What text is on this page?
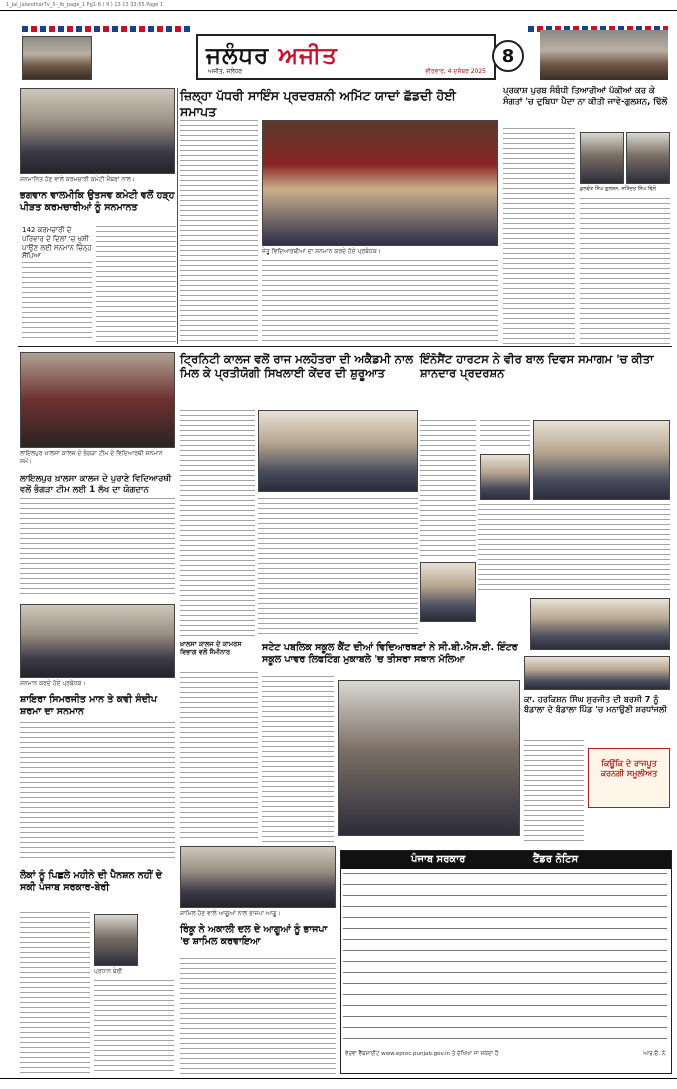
1_Jal_JalandharTv_5-_lb_page_1 Pg1-8 ( 9 ) 13 13 33:55 Page 1
ਜਲੰਧਰ ਅਜੀਤ
ਅਜੀਤ, ਜਲੰਧਰ	ਵੀਰਵਾਰ, 4 ਦਸੰਬਰ 2025
8
ਸਨਮਾਨਿਤ ਹੋਣ ਵਾਲੇ ਕਰਮਚਾਰੀ ਕਮੇਟੀ ਮੈਂਬਰਾਂ ਨਾਲ।
ਭਗਵਾਨ ਵਾਲਮੀਕਿ ਉਤਸਵ ਕਮੇਟੀ ਵਲੋਂ ਹੜ੍ਹ ਪੀੜਤ ਕਰਮਚਾਰੀਆਂ ਨੂੰ ਸਨਮਾਨਤ
142 ਕਰਮਚਾਰੀ ਦੇ ਪਰਿਵਾਰ ਦੇ ਦਿਲਾਂ 'ਚ ਖੁਸ਼ੀ ਪਾਉਣ ਲਈ ਸਨਮਾਨ ਚਿੰਨ੍ਹ ਸੌਂਪਿਆ
ਜ਼ਿਲ੍ਹਾ ਪੱਧਰੀ ਸਾਇੰਸ ਪ੍ਰਦਰਸ਼ਨੀ ਅਮਿੱਟ ਯਾਦਾਂ ਛੱਡਦੀ ਹੋਈ ਸਮਾਪਤ
ਜੇਤੂ ਵਿਦਿਆਰਥੀਆਂ ਦਾ ਸਨਮਾਨ ਕਰਦੇ ਹੋਏ ਪ੍ਰਬੰਧਕ।
ਪ੍ਰਕਾਸ਼ ਪੁਰਬ ਸੰਬੰਧੀ ਤਿਆਰੀਆਂ ਪੱਕੀਆਂ ਕਰ ਕੇ ਸੰਗਤਾਂ 'ਚ ਦੁਬਿਧਾ ਪੈਦਾ ਨਾ ਕੀਤੀ ਜਾਵੇ-ਗੁਲਸ਼ਨ, ਢਿੱਲੋਂ
ਕੁਲਵੰਤ ਸਿੰਘ ਗੁਲਸ਼ਨ, ਜਤਿੰਦਰ ਸਿੰਘ ਢਿੱਲੋਂ
ਲਾਇਲਪੁਰ ਖ਼ਾਲਸਾ ਕਾਲਜ ਦੇ ਭੰਗੜਾ ਟੀਮ ਦੇ ਵਿਦਿਆਰਥੀ ਸਨਮਾਨ ਸਮੇਂ।
ਲਾਇਲਪੁਰ ਖ਼ਾਲਸਾ ਕਾਲਜ ਦੇ ਪੁਰਾਣੇ ਵਿਦਿਆਰਥੀ ਵਲੋਂ ਭੰਗੜਾ ਟੀਮ ਲਈ 1 ਲੱਖ ਦਾ ਯੋਗਦਾਨ
ਟ੍ਰਿਨਿਟੀ ਕਾਲਜ ਵਲੋਂ ਰਾਜ ਮਲਹੋਤਰਾ ਦੀ ਅਕੈਡਮੀ ਨਾਲ ਮਿਲ ਕੇ ਪ੍ਰਤੀਯੋਗੀ ਸਿਖਲਾਈ ਕੇਂਦਰ ਦੀ ਸ਼ੁਰੂਆਤ
ਇੰਨੋਸੈਂਟ ਹਾਰਟਸ ਨੇ ਵੀਰ ਬਾਲ ਦਿਵਸ ਸਮਾਗਮ 'ਚ ਕੀਤਾ ਸ਼ਾਨਦਾਰ ਪ੍ਰਦਰਸ਼ਨ
ਸਨਮਾਨ ਕਰਦੇ ਹੋਏ ਪ੍ਰਬੰਧਕ।
ਸ਼ਾਇਰਾ ਸਿਮਰਜੀਤ ਮਾਨ ਤੇ ਕਵੀ ਸੰਦੀਪ ਸ਼ਰਮਾ ਦਾ ਸਨਮਾਨ
ਖ਼ਾਲਸਾ ਕਾਲਜ ਦੇ ਕਾਮਰਸ ਵਿਭਾਗ ਵਲੋਂ ਸੈਮੀਨਾਰ	ਸਟੇਟ ਪਬਲਿਕ ਸਕੂਲ ਕੈਂਟ ਦੀਆਂ ਵਿਦਿਆਰਥਣਾਂ ਨੇ ਸੀ.ਬੀ.ਐਸ.ਈ. ਇੰਟਰ ਸਕੂਲ ਪਾਵਰ ਲਿਫਟਿੰਗ ਮੁਕਾਬਲੇ 'ਚ ਤੀਸਰਾ ਸਥਾਨ ਮੱਲਿਆ
ਕਾ. ਹਰਕਿਸ਼ਨ ਸਿੰਘ ਸੁਰਜੀਤ ਦੀ ਬਰਸੀ 7 ਨੂੰ ਬੰਡਾਲਾ ਦੇ ਬੰਡਾਲਾ ਪਿੰਡ 'ਚ ਮਨਾਉਣੀ ਸ਼ਰਧਾਂਜਲੀ
ਕਿਊਂਕਿ ਦੇ ਰਾਜਪੂਤ ਕਰਨਗੀ ਸਮੂਲੀਅਤ
ਲੋਕਾਂ ਨੂੰ ਪਿਛਲੇ ਮਹੀਨੇ ਦੀ ਪੈਨਸ਼ਨ ਨਹੀਂ ਦੇ ਸਕੀ ਪੰਜਾਬ ਸਰਕਾਰ-ਬੇਰੀ
ਪ੍ਰਧਾਨ ਬੇਰੀ
ਸ਼ਾਮਿਲ ਹੋਣ ਵਾਲੇ ਆਗੂਆਂ ਨਾਲ ਭਾਜਪਾ ਆਗੂ।
ਰਿੰਕੂ ਨੇ ਅਕਾਲੀ ਦਲ ਦੇ ਆਗੂਆਂ ਨੂੰ ਭਾਜਪਾ 'ਚ ਸ਼ਾਮਿਲ ਕਰਵਾਇਆ
ਪੰਜਾਬ ਸਰਕਾਰ	ਟੈਂਡਰ ਨੋਟਿਸ
ਵੇਰਵਾ ਵੈੱਬਸਾਈਟ www.eproc.punjab.gov.in ਤੇ ਦੇਖਿਆ ਜਾ ਸਕਦਾ ਹੈ	ਆਰ.ਓ. ਨੰ.
